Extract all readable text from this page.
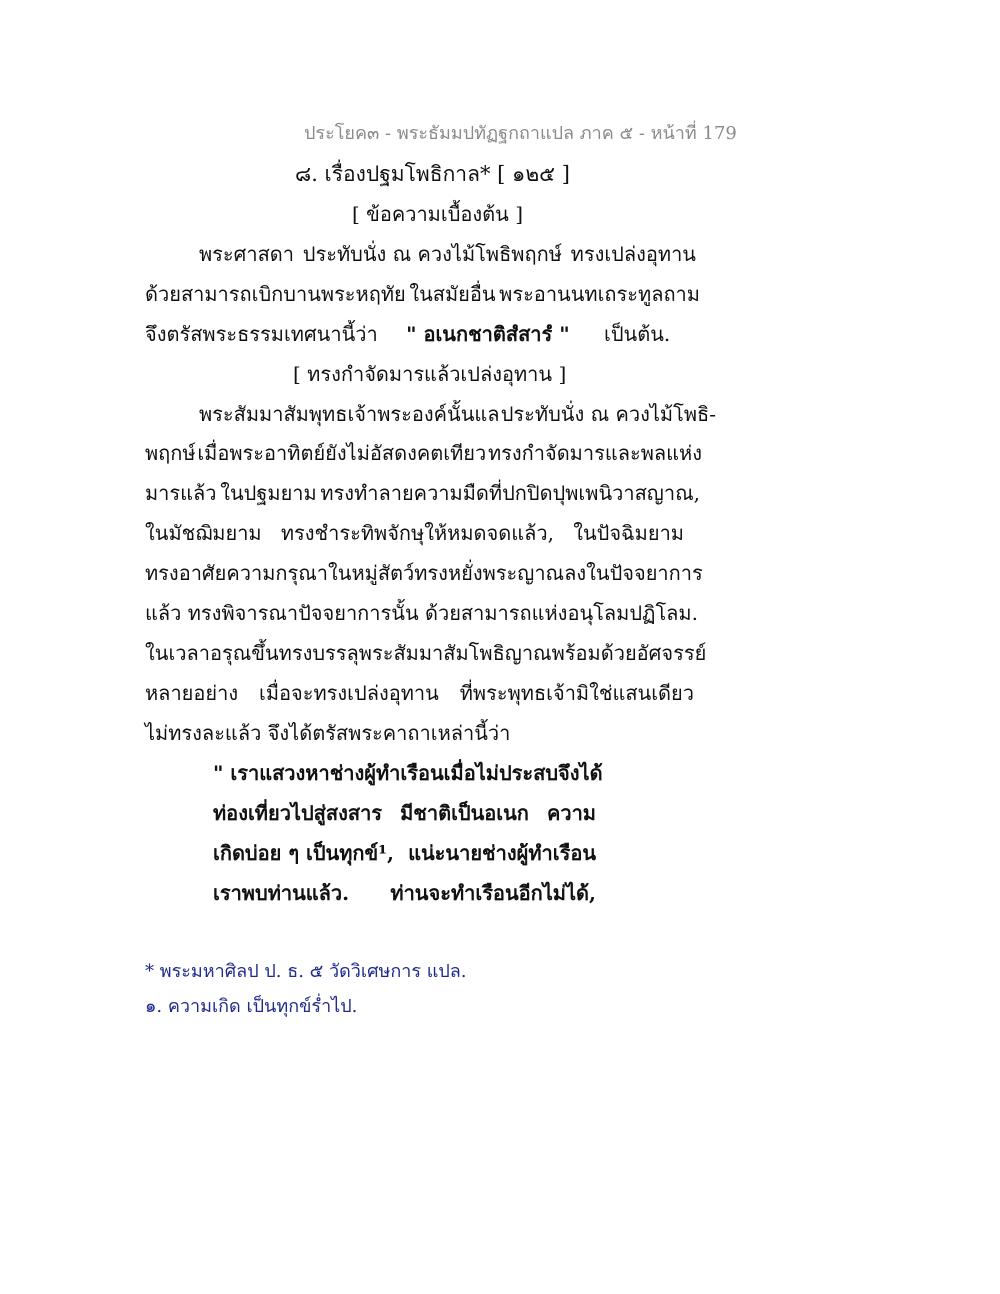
ประโยค๓ - พระธัมมปทัฏฐกถาแปล ภาค ๕ - หน้าที่ 179
๘. เรื่องปฐมโพธิกาล* [ ๑๒๕ ]
[ ข้อความเบื้องต้น ]
พระศาสดา ประทับนั่ง ณ ควงไม้โพธิพฤกษ์ ทรงเปล่งอุทาน
ด้วยสามารถเบิกบานพระหฤทัย ในสมัยอื่น พระอานนทเถระทูลถาม
จึงตรัสพระธรรมเทศนานี้ว่า " อเนกชาติสํสารํ " เป็นต้น.
[ ทรงกำจัดมารแล้วเปล่งอุทาน ]
พระสัมมาสัมพุทธเจ้าพระองค์นั้นแล ประทับนั่ง ณ ควงไม้โพธิ-
พฤกษ์ เมื่อพระอาทิตย์ยังไม่อัสดงคตเทียว ทรงกำจัดมารและพลแห่ง
มารแล้ว ในปฐมยาม ทรงทำลายความมืดที่ปกปิดปุพเพนิวาสญาณ,
ในมัชฌิมยาม ทรงชำระทิพจักษุให้หมดจดแล้ว, ในปัจฉิมยาม
ทรงอาศัยความกรุณาในหมู่สัตว์ ทรงหยั่งพระญาณลงในปัจจยาการ
แล้ว ทรงพิจารณาปัจจยาการนั้น ด้วยสามารถแห่งอนุโลมปฏิโลม.
ในเวลาอรุณขึ้น ทรงบรรลุพระสัมมาสัมโพธิญาณพร้อมด้วยอัศจรรย์
หลายอย่าง เมื่อจะทรงเปล่งอุทาน ที่พระพุทธเจ้ามิใช่แสนเดียว
ไม่ทรงละแล้ว จึงได้ตรัสพระคาถาเหล่านี้ว่า
" เราแสวงหาช่างผู้ทำเรือน เมื่อไม่ประสบ จึงได้
ท่องเที่ยวไปสู่สงสาร มีชาติเป็นอเนก ความ
เกิดบ่อย ๆ เป็นทุกข์¹, แน่ะนายช่างผู้ทำเรือน
เราพบท่านแล้ว. ท่านจะทำเรือนอีกไม่ได้,
* พระมหาศิลป ป. ธ. ๕ วัดวิเศษการ แปล.
๑. ความเกิด เป็นทุกข์ร่ำไป.
